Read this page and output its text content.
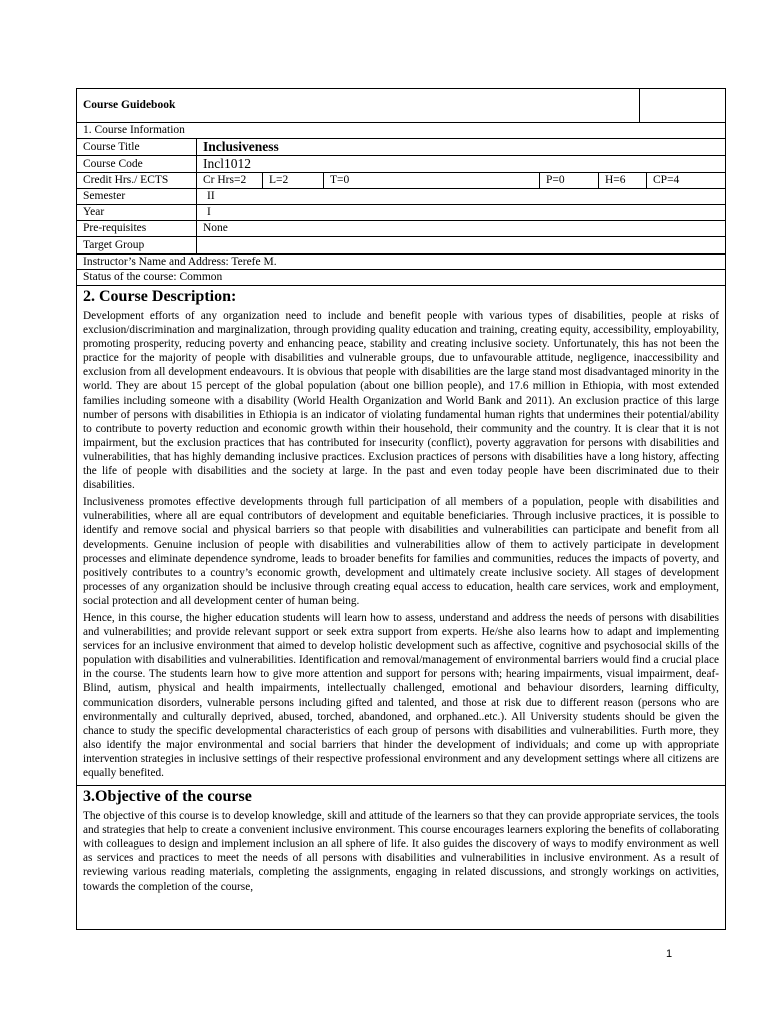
Course Guidebook
1. Course Information
Course Title	Inclusiveness
Course Code	Incl1012
Credit Hrs./ ECTS	Cr Hrs=2	L=2	T=0	P=0	H=6	CP=4
Semester	II
Year	I
Pre-requisites	None
Target Group
Instructor’s Name and Address: Terefe M.
Status of the course: Common
2. Course Description:

Development efforts of any organization need to include and benefit people with various types of disabilities, people at risks of exclusion/discrimination and marginalization, through providing quality education and training, creating equity, accessibility, employability, promoting prosperity, reducing poverty and enhancing peace, stability and creating inclusive society. Unfortunately, this has not been the practice for the majority of people with disabilities and vulnerable groups, due to unfavourable attitude, negligence, inaccessibility and exclusion from all development endeavours. It is obvious that people with disabilities are the large stand most disadvantaged minority in the world. They are about 15 percept of the global population (about one billion people), and 17.6 million in Ethiopia, with most extended families including someone with a disability (World Health Organization and World Bank and 2011). An exclusion practice of this large number of persons with disabilities in Ethiopia is an indicator of violating fundamental human rights that undermines their potential/ability to contribute to poverty reduction and economic growth within their household, their community and the country. It is clear that it is not impairment, but the exclusion practices that has contributed for insecurity (conflict), poverty aggravation for persons with disabilities and vulnerabilities, that has highly demanding inclusive practices. Exclusion practices of persons with disabilities have a long history, affecting the life of people with disabilities and the society at large. In the past and even today people have been discriminated due to their disabilities.

Inclusiveness promotes effective developments through full participation of all members of a population, people with disabilities and vulnerabilities, where all are equal contributors of development and equitable beneficiaries. Through inclusive practices, it is possible to identify and remove social and physical barriers so that people with disabilities and vulnerabilities can participate and benefit from all developments. Genuine inclusion of people with disabilities and vulnerabilities allow of them to actively participate in development processes and eliminate dependence syndrome, leads to broader benefits for families and communities, reduces the impacts of poverty, and positively contributes to a country’s economic growth, development and ultimately create inclusive society. All stages of development processes of any organization should be inclusive through creating equal access to education, health care services, work and employment, social protection and all development center of human being.

Hence, in this course, the higher education students will learn how to assess, understand and address the needs of persons with disabilities and vulnerabilities; and provide relevant support or seek extra support from experts. He/she also learns how to adapt and implementing services for an inclusive environment that aimed to develop holistic development such as affective, cognitive and psychosocial skills of the population with disabilities and vulnerabilities. Identification and removal/management of environmental barriers would find a crucial place in the course. The students learn how to give more attention and support for persons with; hearing impairments, visual impairment, deaf-Blind, autism, physical and health impairments, intellectually challenged, emotional and behaviour disorders, learning difficulty, communication disorders, vulnerable persons including gifted and talented, and those at risk due to different reason (persons who are environmentally and culturally deprived, abused, torched, abandoned, and orphaned..etc.). All University students should be given the chance to study the specific developmental characteristics of each group of persons with disabilities and vulnerabilities. Furth more, they also identify the major environmental and social barriers that hinder the development of individuals; and come up with appropriate intervention strategies in inclusive settings of their respective professional environment and any development settings where all citizens are equally benefited.

3.Objective of the course

The objective of this course is to develop knowledge, skill and attitude of the learners so that they can provide appropriate services, the tools and strategies that help to create a convenient inclusive environment. This course encourages learners exploring the benefits of collaborating with colleagues to design and implement inclusion an all sphere of life. It also guides the discovery of ways to modify environment as well as services and practices to meet the needs of all persons with disabilities and vulnerabilities in inclusive environment. As a result of reviewing various reading materials, completing the assignments, engaging in related discussions, and strongly workings on activities, towards the completion of the course,

1
